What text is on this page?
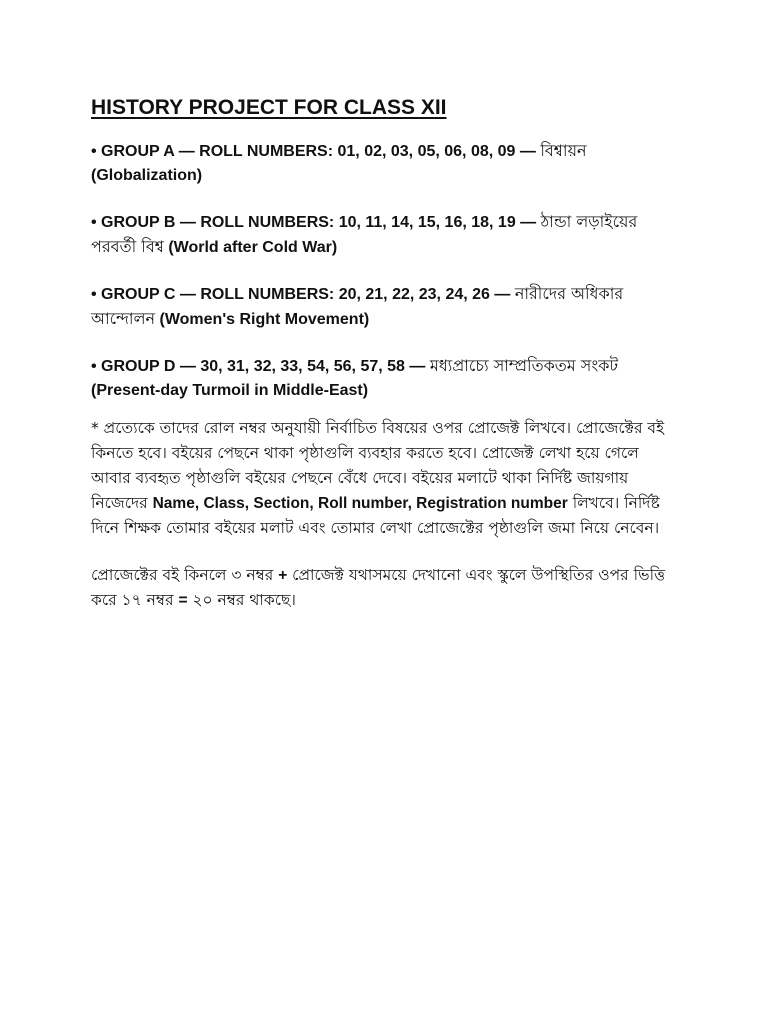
HISTORY PROJECT FOR CLASS XII
• GROUP A — ROLL NUMBERS: 01, 02, 03, 05, 06, 08, 09 — বিশ্বায়ন
(Globalization)
• GROUP B — ROLL NUMBERS: 10, 11, 14, 15, 16, 18, 19 — ঠান্ডা লড়াইয়ের পরবর্তী বিশ্ব (World after Cold War)
• GROUP C — ROLL NUMBERS: 20, 21, 22, 23, 24, 26 — নারীদের অধিকার আন্দোলন (Women's Right Movement)
• GROUP D — 30, 31, 32, 33, 54, 56, 57, 58 — মধ্যপ্রাচ্যে সাম্প্রতিকতম সংকট
(Present-day Turmoil in Middle-East)
* প্রত্যেকে তাদের রোল নম্বর অনুযায়ী নির্বাচিত বিষয়ের ওপর প্রোজেক্ট লিখবে। প্রোজেক্টের বই কিনতে হবে। বইয়ের পেছনে থাকা পৃষ্ঠাগুলি ব্যবহার করতে হবে। প্রোজেক্ট লেখা হয়ে গেলে আবার ব্যবহৃত পৃষ্ঠাগুলি বইয়ের পেছনে বেঁধে দেবে। বইয়ের মলাটে থাকা নির্দিষ্ট জায়গায় নিজেদের Name, Class, Section, Roll number, Registration number লিখবে। নির্দিষ্ট দিনে শিক্ষক তোমার বইয়ের মলাট এবং তোমার লেখা প্রোজেক্টের পৃষ্ঠাগুলি জমা নিয়ে নেবেন।
প্রোজেক্টের বই কিনলে ৩ নম্বর + প্রোজেক্ট যথাসময়ে দেখানো এবং স্কুলে উপস্থিতির ওপর ভিত্তি করে ১৭ নম্বর = ২০ নম্বর থাকছে।
